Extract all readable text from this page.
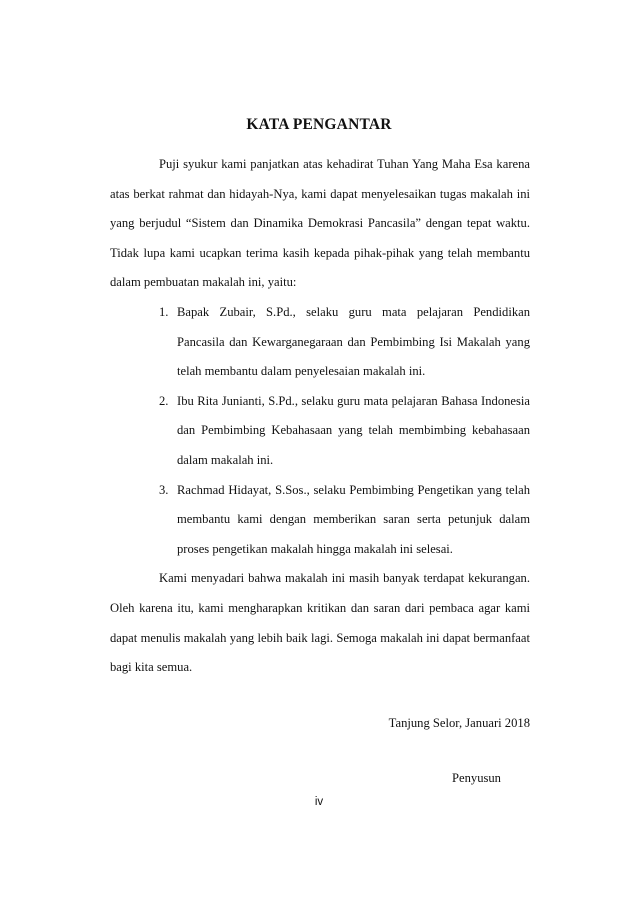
KATA PENGANTAR

Puji syukur kami panjatkan atas kehadirat Tuhan Yang Maha Esa karena atas berkat rahmat dan hidayah-Nya, kami dapat menyelesaikan tugas makalah ini yang berjudul “Sistem dan Dinamika Demokrasi Pancasila” dengan tepat waktu. Tidak lupa kami ucapkan terima kasih kepada pihak-pihak yang telah membantu dalam pembuatan makalah ini, yaitu:

1. Bapak Zubair, S.Pd., selaku guru mata pelajaran Pendidikan Pancasila dan Kewarganegaraan dan Pembimbing Isi Makalah yang telah membantu dalam penyelesaian makalah ini.
2. Ibu Rita Junianti, S.Pd., selaku guru mata pelajaran Bahasa Indonesia dan Pembimbing Kebahasaan yang telah membimbing kebahasaan dalam makalah ini.
3. Rachmad Hidayat, S.Sos., selaku Pembimbing Pengetikan yang telah membantu kami dengan memberikan saran serta petunjuk dalam proses pengetikan makalah hingga makalah ini selesai.

Kami menyadari bahwa makalah ini masih banyak terdapat kekurangan. Oleh karena itu, kami mengharapkan kritikan dan saran dari pembaca agar kami dapat menulis makalah yang lebih baik lagi. Semoga makalah ini dapat bermanfaat bagi kita semua.

Tanjung Selor, Januari 2018
Penyusun
iv
